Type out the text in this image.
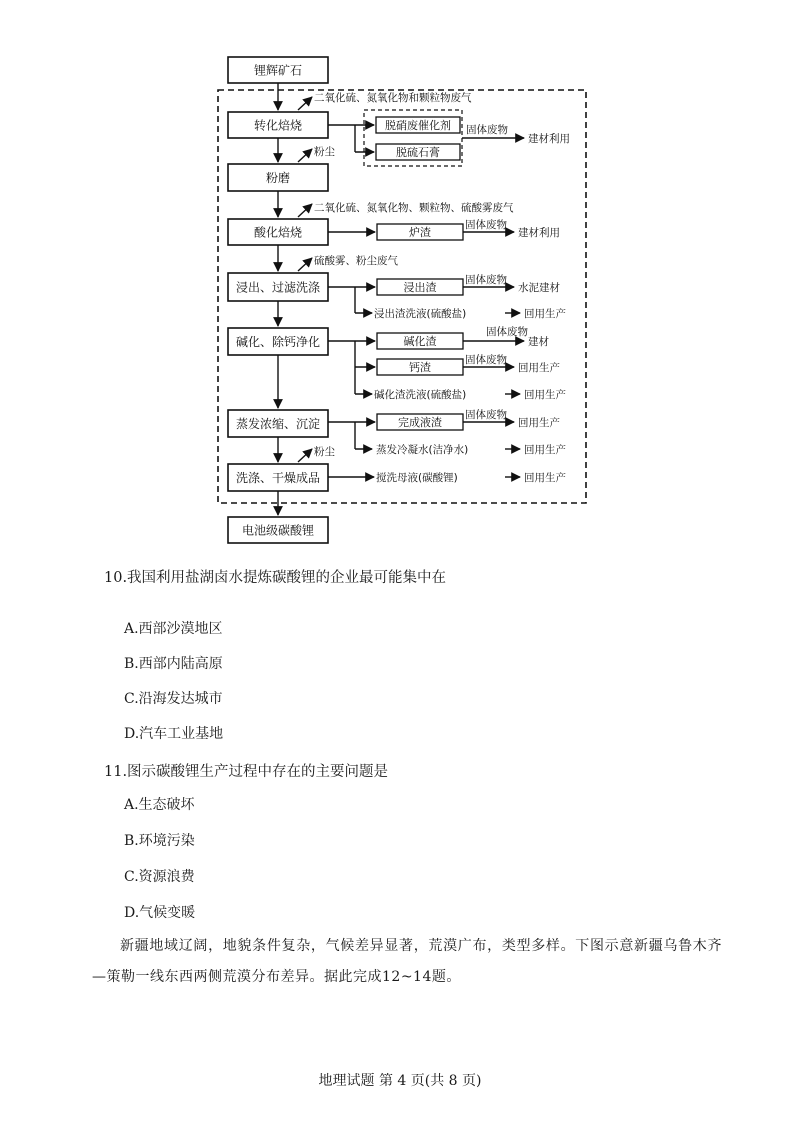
锂辉矿石
转化焙烧
粉磨
酸化焙烧
浸出、过滤洗涤
碱化、除钙净化
蒸发浓缩、沉淀
洗涤、干燥成品
电池级碳酸锂
脱硝废催化剂
脱硫石膏
炉渣
浸出渣
碱化渣
钙渣
完成液渣
二氧化硫、氮氧化物和颗粒物废气
粉尘
二氧化硫、氮氧化物、颗粒物、硫酸雾废气
硫酸雾、粉尘废气
粉尘
浸出渣洗液(硫酸盐)
碱化渣洗液(硫酸盐)
蒸发冷凝水(洁净水)
搅洗母液(碳酸锂)
固体废物
固体废物
固体废物
固体废物
固体废物
固体废物
建材利用
建材利用
水泥建材
回用生产
建材
回用生产
回用生产
回用生产
回用生产
回用生产
10.我国利用盐湖卤水提炼碳酸锂的企业最可能集中在
A.西部沙漠地区
B.西部内陆高原
C.沿海发达城市
D.汽车工业基地
11.图示碳酸锂生产过程中存在的主要问题是
A.生态破坏
B.环境污染
C.资源浪费
D.气候变暖
新疆地域辽阔，地貌条件复杂，气候差异显著，荒漠广布，类型多样。下图示意新疆乌鲁木齐—策勒一线东西两侧荒漠分布差异。据此完成12~14题。
地理试题 第 4 页(共 8 页)
